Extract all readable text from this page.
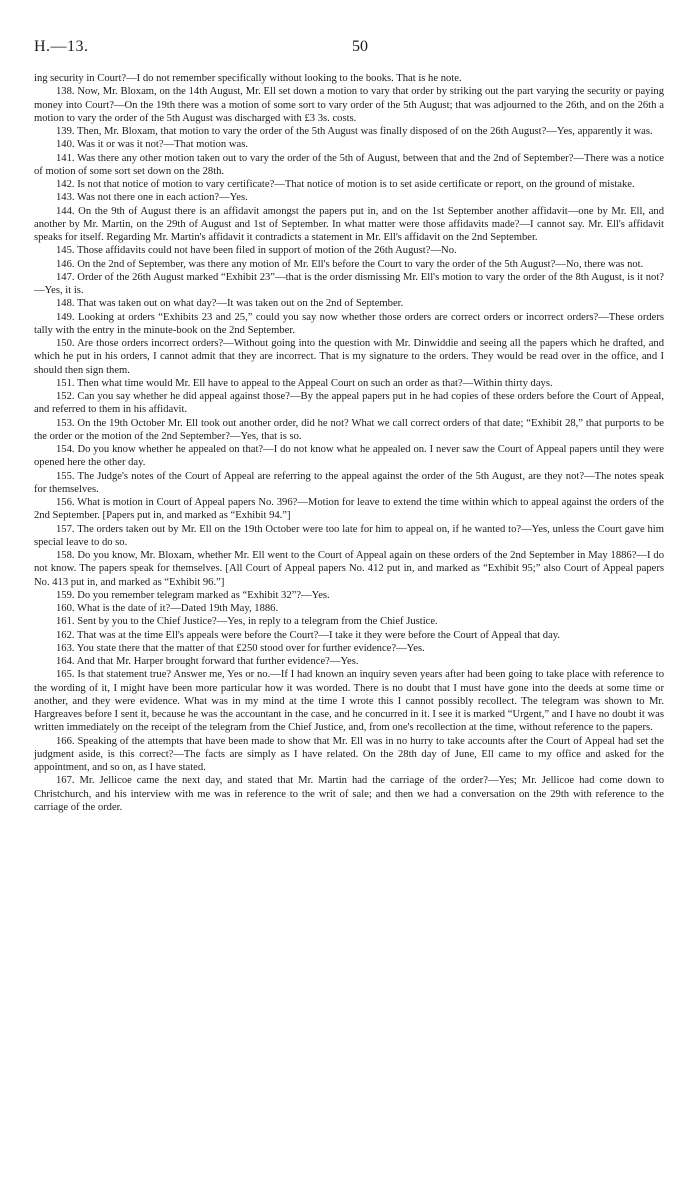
H.—13.	50

ing security in Court?—I do not remember specifically without looking to the books. That is he note.

138. Now, Mr. Bloxam, on the 14th August, Mr. Ell set down a motion to vary that order by striking out the part varying the security or paying money into Court?—On the 19th there was a motion of some sort to vary order of the 5th August; that was adjourned to the 26th, and on the 26th a motion to vary the order of the 5th August was discharged with £3 3s. costs.

139. Then, Mr. Bloxam, that motion to vary the order of the 5th August was finally disposed of on the 26th August?—Yes, apparently it was.

140. Was it or was it not?—That motion was.

141. Was there any other motion taken out to vary the order of the 5th of August, between that and the 2nd of September?—There was a notice of motion of some sort set down on the 28th.

142. Is not that notice of motion to vary certificate?—That notice of motion is to set aside certificate or report, on the ground of mistake.

143. Was not there one in each action?—Yes.

144. On the 9th of August there is an affidavit amongst the papers put in, and on the 1st September another affidavit—one by Mr. Ell, and another by Mr. Martin, on the 29th of August and 1st of September. In what matter were those affidavits made?—I cannot say. Mr. Ell's affidavit speaks for itself. Regarding Mr. Martin's affidavit it contradicts a statement in Mr. Ell's affidavit on the 2nd September.

145. Those affidavits could not have been filed in support of motion of the 26th August?—No.

146. On the 2nd of September, was there any motion of Mr. Ell's before the Court to vary the order of the 5th August?—No, there was not.

147. Order of the 26th August marked “Exhibit 23”—that is the order dismissing Mr. Ell's motion to vary the order of the 8th August, is it not?—Yes, it is.

148. That was taken out on what day?—It was taken out on the 2nd of September.

149. Looking at orders “Exhibits 23 and 25,” could you say now whether those orders are correct orders or incorrect orders?—These orders tally with the entry in the minute-book on the 2nd September.

150. Are those orders incorrect orders?—Without going into the question with Mr. Dinwiddie and seeing all the papers which he drafted, and which he put in his orders, I cannot admit that they are incorrect. That is my signature to the orders. They would be read over in the office, and I should then sign them.

151. Then what time would Mr. Ell have to appeal to the Appeal Court on such an order as that?—Within thirty days.

152. Can you say whether he did appeal against those?—By the appeal papers put in he had copies of these orders before the Court of Appeal, and referred to them in his affidavit.

153. On the 19th October Mr. Ell took out another order, did he not? What we call correct orders of that date; “Exhibit 28,” that purports to be the order or the motion of the 2nd September?—Yes, that is so.

154. Do you know whether he appealed on that?—I do not know what he appealed on. I never saw the Court of Appeal papers until they were opened here the other day.

155. The Judge's notes of the Court of Appeal are referring to the appeal against the order of the 5th August, are they not?—The notes speak for themselves.

156. What is motion in Court of Appeal papers No. 396?—Motion for leave to extend the time within which to appeal against the orders of the 2nd September. [Papers put in, and marked as “Exhibit 94.”]

157. The orders taken out by Mr. Ell on the 19th October were too late for him to appeal on, if he wanted to?—Yes, unless the Court gave him special leave to do so.

158. Do you know, Mr. Bloxam, whether Mr. Ell went to the Court of Appeal again on these orders of the 2nd September in May 1886?—I do not know. The papers speak for themselves. [All Court of Appeal papers No. 412 put in, and marked as “Exhibit 95;” also Court of Appeal papers No. 413 put in, and marked as “Exhibit 96.”]

159. Do you remember telegram marked as “Exhibit 32”?—Yes.

160. What is the date of it?—Dated 19th May, 1886.

161. Sent by you to the Chief Justice?—Yes, in reply to a telegram from the Chief Justice.

162. That was at the time Ell's appeals were before the Court?—I take it they were before the Court of Appeal that day.

163. You state there that the matter of that £250 stood over for further evidence?—Yes.

164. And that Mr. Harper brought forward that further evidence?—Yes.

165. Is that statement true? Answer me, Yes or no.—If I had known an inquiry seven years after had been going to take place with reference to the wording of it, I might have been more particular how it was worded. There is no doubt that I must have gone into the deeds at some time or another, and they were evidence. What was in my mind at the time I wrote this I cannot possibly recollect. The telegram was shown to Mr. Hargreaves before I sent it, because he was the accountant in the case, and he concurred in it. I see it is marked “Urgent,” and I have no doubt it was written immediately on the receipt of the telegram from the Chief Justice, and, from one's recollection at the time, without reference to the papers.

166. Speaking of the attempts that have been made to show that Mr. Ell was in no hurry to take accounts after the Court of Appeal had set the judgment aside, is this correct?—The facts are simply as I have related. On the 28th day of June, Ell came to my office and asked for the appointment, and so on, as I have stated.

167. Mr. Jellicoe came the next day, and stated that Mr. Martin had the carriage of the order?—Yes; Mr. Jellicoe had come down to Christchurch, and his interview with me was in reference to the writ of sale; and then we had a conversation on the 29th with reference to the carriage of the order.
